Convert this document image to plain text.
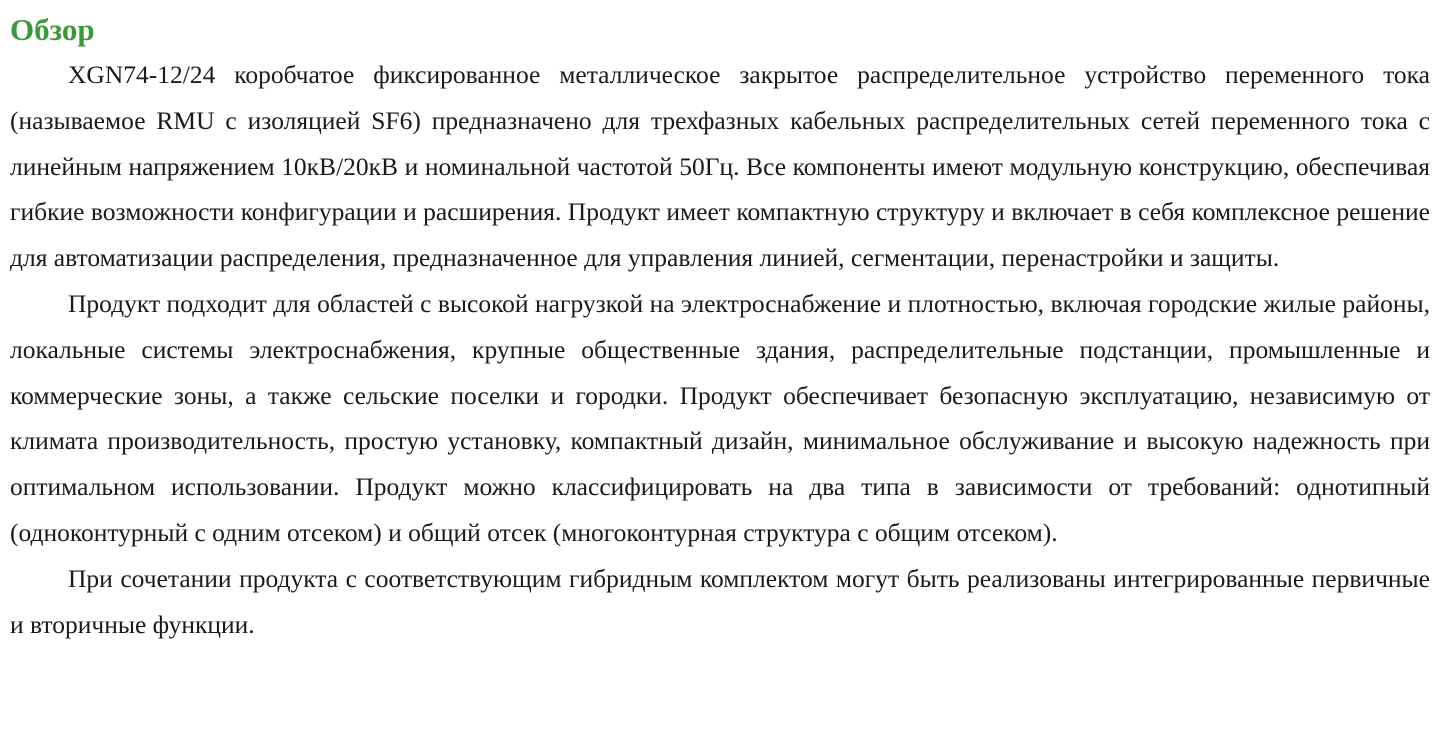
Обзор

XGN74-12/24 коробчатое фиксированное металлическое закрытое распределительное устройство переменного тока (называемое RMU с изоляцией SF6) предназначено для трехфазных кабельных распределительных сетей переменного тока с линейным напряжением 10кВ/20кВ и номинальной частотой 50Гц. Все компоненты имеют модульную конструкцию, обеспечивая гибкие возможности конфигурации и расширения. Продукт имеет компактную структуру и включает в себя комплексное решение для автоматизации распределения, предназначенное для управления линией, сегментации, перенастройки и защиты.

Продукт подходит для областей с высокой нагрузкой на электроснабжение и плотностью, включая городские жилые районы, локальные системы электроснабжения, крупные общественные здания, распределительные подстанции, промышленные и коммерческие зоны, а также сельские поселки и городки. Продукт обеспечивает безопасную эксплуатацию, независимую от климата производительность, простую установку, компактный дизайн, минимальное обслуживание и высокую надежность при оптимальном использовании. Продукт можно классифицировать на два типа в зависимости от требований: однотипный (одноконтурный с одним отсеком) и общий отсек (многоконтурная структура с общим отсеком).

При сочетании продукта с соответствующим гибридным комплектом могут быть реализованы интегрированные первичные и вторичные функции.
